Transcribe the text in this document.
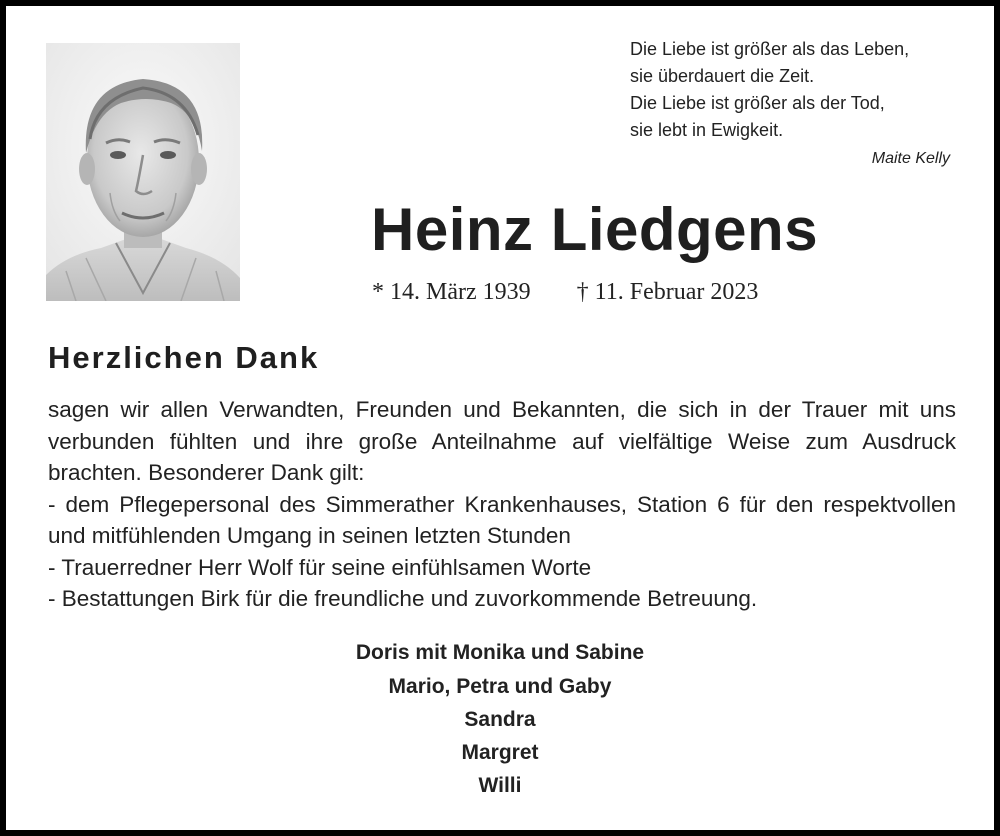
Die Liebe ist größer als das Leben,
sie überdauert die Zeit.
Die Liebe ist größer als der Tod,
sie lebt in Ewigkeit.
Maite Kelly
Heinz Liedgens
* 14. März 1939 † 11. Februar 2023
Herzlichen Dank

sagen wir allen Verwandten, Freunden und Bekannten, die sich in der Trauer mit uns verbunden fühlten und ihre große Anteilnahme auf vielfältige Weise zum Ausdruck brachten. Besonderer Dank gilt:

- dem Pflegepersonal des Simmerather Krankenhauses, Station 6 für den respektvollen und mitfühlenden Umgang in seinen letzten Stunden

- Trauerredner Herr Wolf für seine einfühlsamen Worte

- Bestattungen Birk für die freundliche und zuvorkommende Betreuung.

Doris mit Monika und Sabine
Mario, Petra und Gaby
Sandra
Margret
Willi
